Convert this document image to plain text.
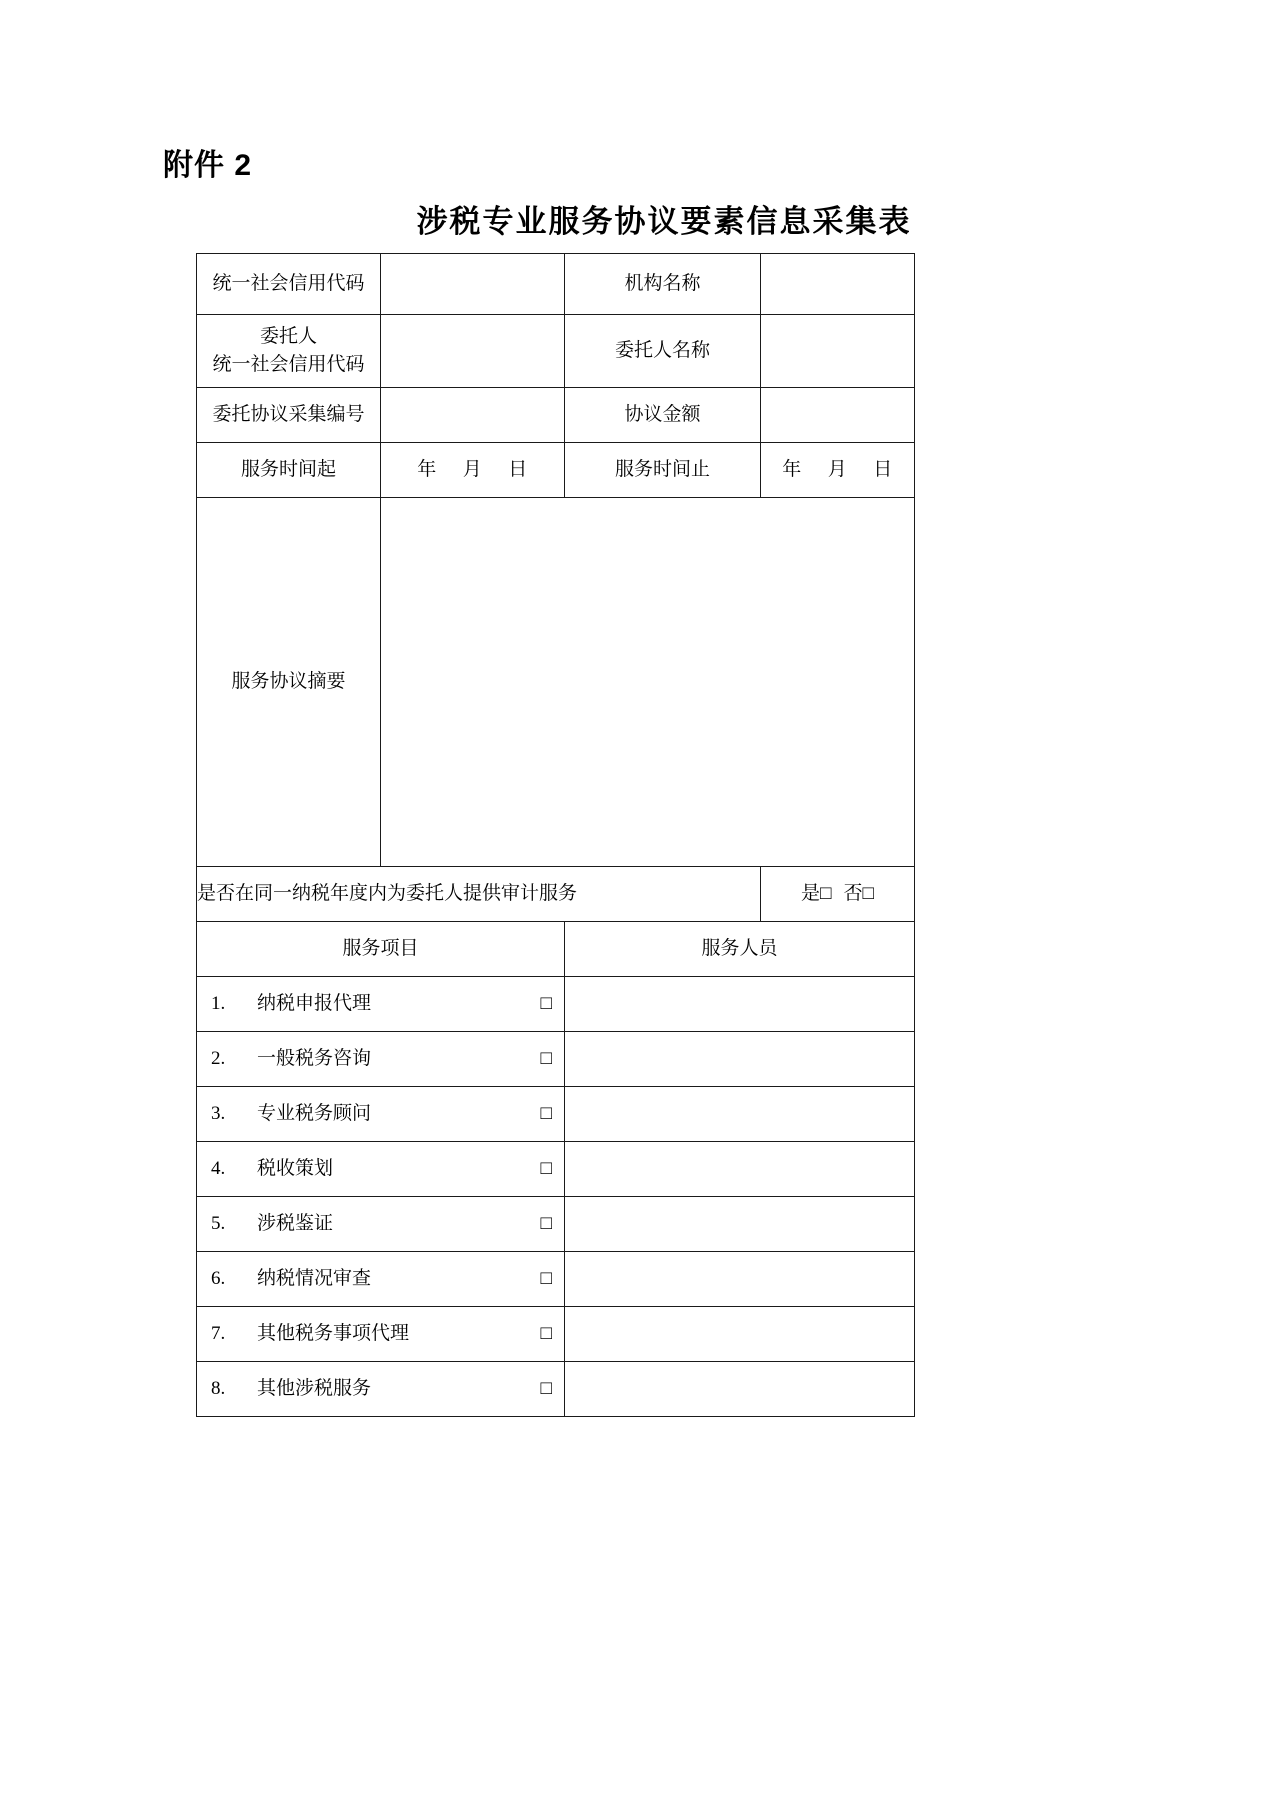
附件 2
涉税专业服务协议要素信息采集表
统一社会信用代码		机构名称	

委托人
统一社会信用代码		委托人名称	
委托协议采集编号		协议金额	
服务时间起	年 月 日	服务时间止	年 月 日
服务协议摘要			
是否在同一纳税年度内为委托人提供审计服务			是□ 否□
服务项目		服务人员	

1. 纳税申报代理 □			

2. 一般税务咨询 □			

3. 专业税务顾问 □			

4. 税收策划 □			

5. 涉税鉴证 □			

6. 纳税情况审查 □			

7. 其他税务事项代理 □			

8. 其他涉税服务 □			
